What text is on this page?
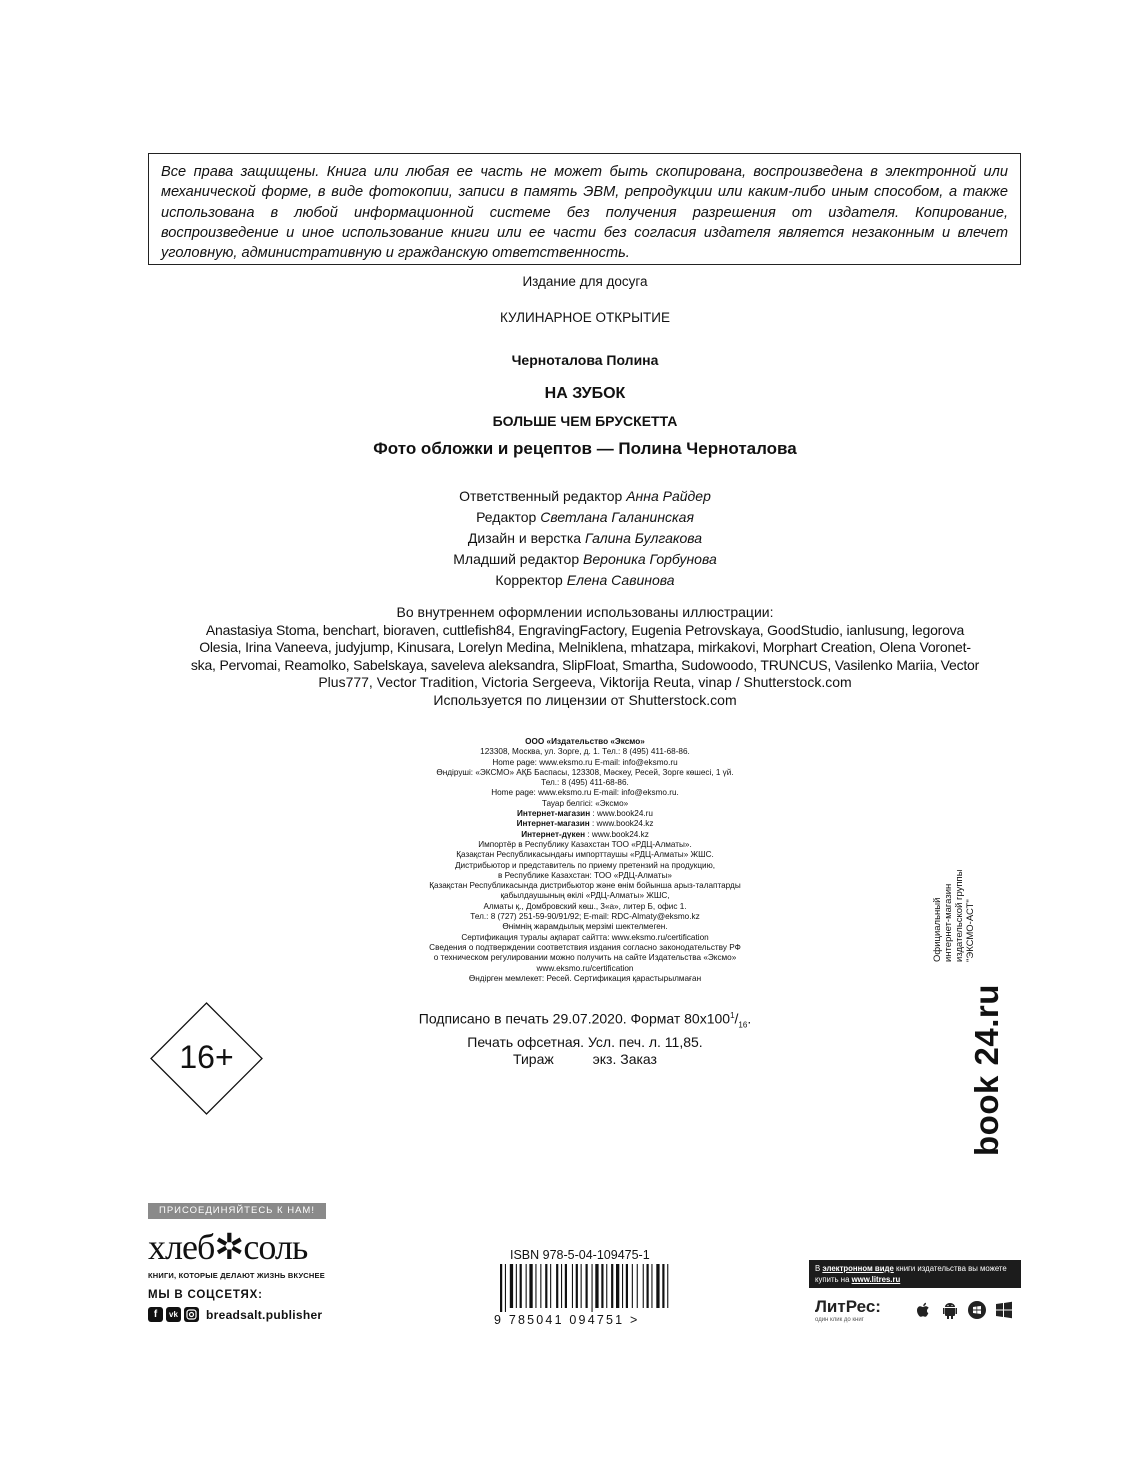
Все права защищены. Книга или любая ее часть не может быть скопирована, воспроизведена в электронной или механической форме, в виде фотокопии, записи в память ЭВМ, репродукции или каким-либо иным способом, а также использована в любой информационной системе без получения разрешения от издателя. Копирование, воспроизведение и иное использование книги или ее части без согласия издателя является незаконным и влечет уголовную, административную и гражданскую ответственность.
Издание для досуга
КУЛИНАРНОЕ ОТКРЫТИЕ
Черноталова Полина
НА ЗУБОК
БОЛЬШЕ ЧЕМ БРУСКЕТТА
Фото обложки и рецептов — Полина Черноталова
Ответственный редактор Анна Райдер
Редактор Светлана Галанинская
Дизайн и верстка Галина Булгакова
Младший редактор Вероника Горбунова
Корректор Елена Савинова
Во внутреннем оформлении использованы иллюстрации:
Anastasiya Stoma, benchart, bioraven, cuttlefish84, EngravingFactory, Eugenia Petrovskaya, GoodStudio, ianlusung, legorova
Olesia, Irina Vaneeva, judyjump, Kinusara, Lorelyn Medina, Melniklena, mhatzapa, mirkakovi, Morphart Creation, Olena Voronet-
ska, Pervomai, Reamolko, Sabelskaya, saveleva aleksandra, SlipFloat, Smartha, Sudowoodo, TRUNCUS, Vasilenko Mariia, Vector
Plus777, Vector Tradition, Victoria Sergeeva, Viktorija Reuta, vinap / Shutterstock.com
Используется по лицензии от Shutterstock.com
ООО «Издательство «Эксмо»
123308, Москва, ул. Зорге, д. 1. Тел.: 8 (495) 411-68-86.
Home page: www.eksmo.ru E-mail: info@eksmo.ru
Өндіруші: «ЭКСМО» АҚБ Баспасы, 123308, Мәскеу, Ресей, Зорге көшесі, 1 үй.
Тел.: 8 (495) 411-68-86.
Home page: www.eksmo.ru E-mail: info@eksmo.ru.
Тауар белгісі: «Эксмо»
Интернет-магазин : www.book24.ru
Интернет-магазин : www.book24.kz
Интернет-дүкен : www.book24.kz
Импортёр в Республику Казахстан ТОО «РДЦ-Алматы».
Қазақстан Республикасындағы импорттаушы «РДЦ-Алматы» ЖШС.
Дистрибьютор и представитель по приему претензий на продукцию,
в Республике Казахстан: ТОО «РДЦ-Алматы»
Қазақстан Республикасында дистрибьютор және өнім бойынша арыз-талаптарды
қабылдаушының өкілі «РДЦ-Алматы» ЖШС,
Алматы қ., Домбровский көш., 3«а», литер Б, офис 1.
Тел.: 8 (727) 251-59-90/91/92; E-mail: RDC-Almaty@eksmo.kz
Өнімнің жарамдылық мерзімі шектелмеген.
Сертификация туралы ақпарат сайтта: www.eksmo.ru/certification
Сведения о подтверждении соответствия издания согласно законодательству РФ
о техническом регулировании можно получить на сайте Издательства «Эксмо»
www.eksmo.ru/certification
Өндірген мемлекет: Ресей. Сертификация қарастырылмаған
Подписано в печать 29.07.2020. Формат $80x100^1/_{16}$.
Печать офсетная. Усл. печ. л. 11,85.
Тираж          экз. Заказ
16+
Официальный интернет-магазин издательской группы "ЭКСМО-АСТ"
book 24.ru
ПРИСОЕДИНЯЙТЕСЬ К НАМ!
хлеб✲соль
КНИГИ, КОТОРЫЕ ДЕЛАЮТ ЖИЗНЬ ВКУСНЕЕ
МЫ В СОЦСЕТЯХ:
f	vk breadsalt.publisher
ISBN 978-5-04-109475-1
9 785041 094751 >
В электронном виде книги издательства вы можете купить на www.litres.ru
ЛитРес:
один клик до книг
